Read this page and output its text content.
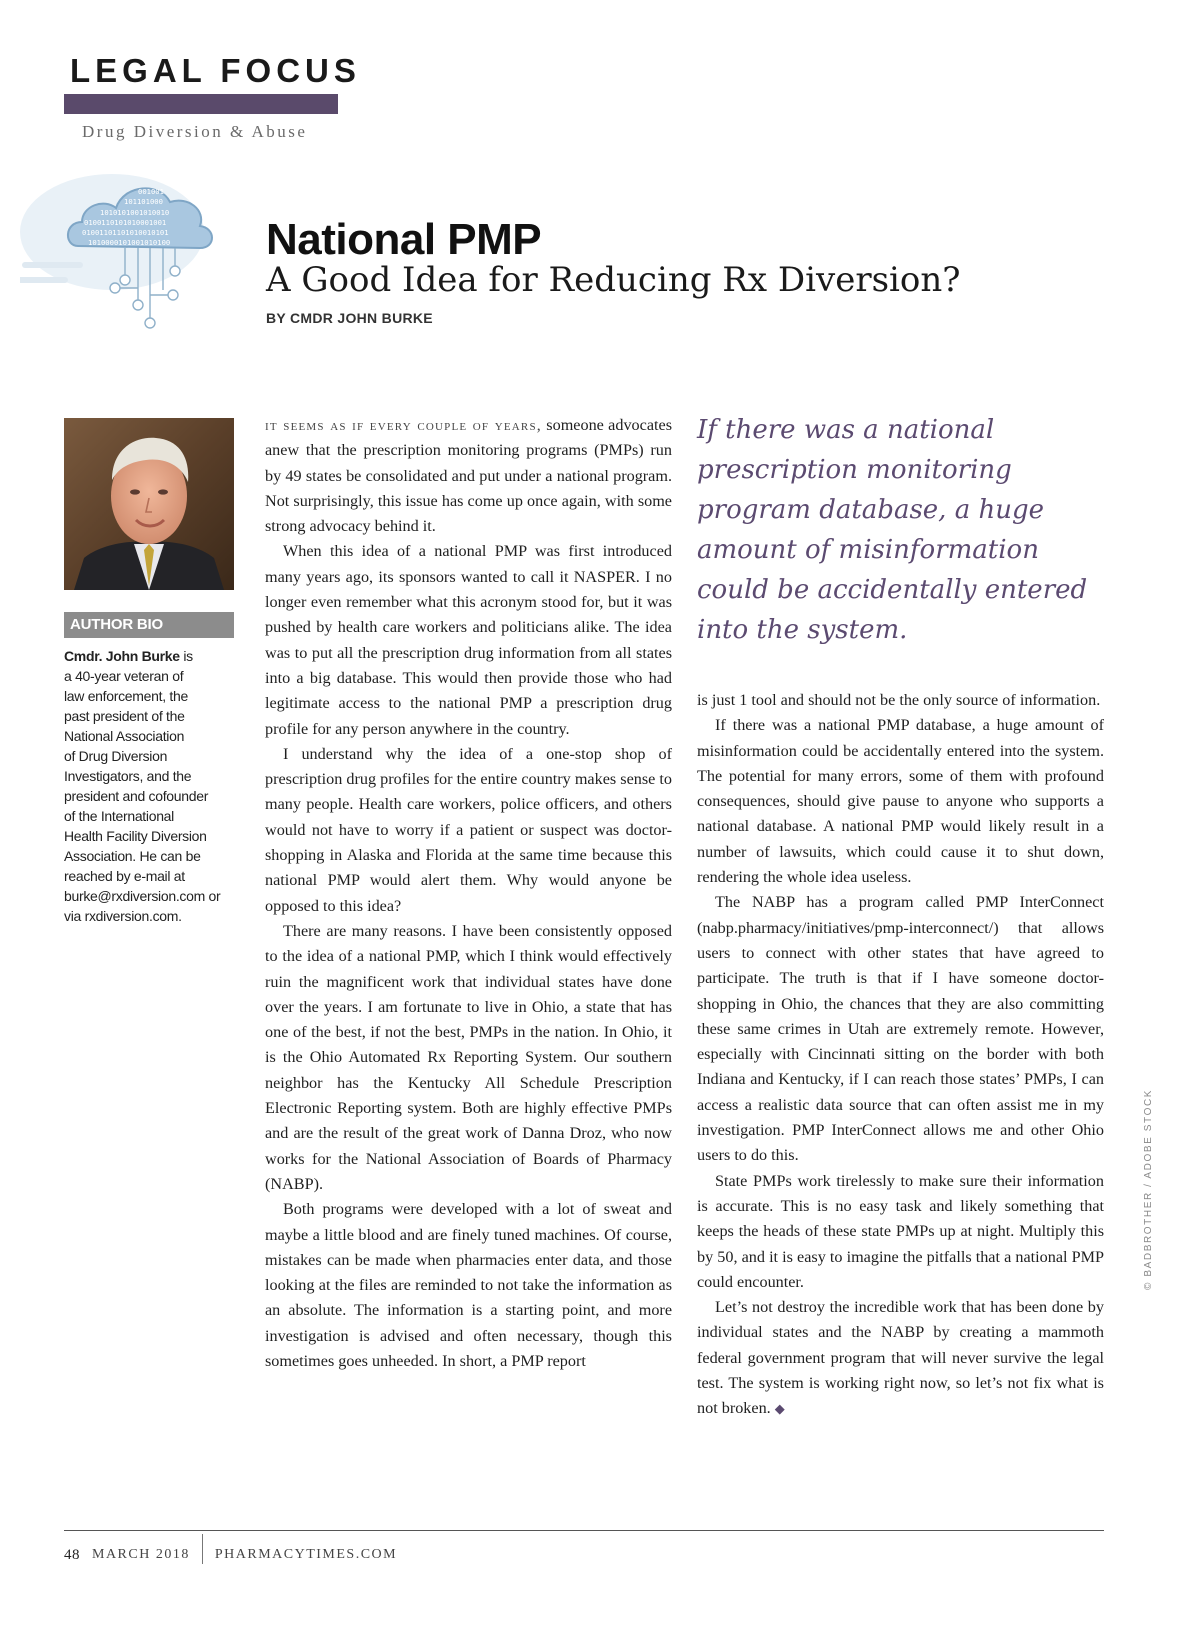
LEGAL FOCUS
Drug Diversion & Abuse
001001
101101000
1010101001010010
0100110101010001001
01001101101010010101
1010000101001010100 National PMP
A Good Idea for Reducing Rx Diversion?
BY CMDR JOHN BURKE
AUTHOR BIO
Cmdr. John Burke is
a 40-year veteran of
law enforcement, the
past president of the
National Association
of Drug Diversion
Investigators, and the
president and cofounder
of the International
Health Facility Diversion
Association. He can be
reached by e-mail at
burke@rxdiversion.com or
via rxdiversion.com.

it seems as if every couple of years, someone advocates anew that the prescription monitoring programs (PMPs) run by 49 states be consolidated and put under a national program. Not surprisingly, this issue has come up once again, with some strong advocacy behind it.

When this idea of a national PMP was first introduced many years ago, its sponsors wanted to call it NASPER. I no longer even remember what this acronym stood for, but it was pushed by health care workers and politicians alike. The idea was to put all the prescription drug information from all states into a big database. This would then provide those who had legitimate access to the national PMP a prescription drug profile for any person anywhere in the country.

I understand why the idea of a one-stop shop of prescription drug profiles for the entire country makes sense to many people. Health care workers, police officers, and others would not have to worry if a patient or suspect was doctor-shopping in Alaska and Florida at the same time because this national PMP would alert them. Why would anyone be opposed to this idea?

There are many reasons. I have been consistently opposed to the idea of a national PMP, which I think would effectively ruin the magnificent work that individual states have done over the years. I am fortunate to live in Ohio, a state that has one of the best, if not the best, PMPs in the nation. In Ohio, it is the Ohio Automated Rx Reporting System. Our southern neighbor has the Kentucky All Schedule Prescription Electronic Reporting system. Both are highly effective PMPs and are the result of the great work of Danna Droz, who now works for the National Association of Boards of Pharmacy (NABP).

Both programs were developed with a lot of sweat and maybe a little blood and are finely tuned machines. Of course, mistakes can be made when pharmacies enter data, and those looking at the files are reminded to not take the information as an absolute. The information is a starting point, and more investigation is advised and often necessary, though this sometimes goes unheeded. In short, a PMP report

If there was a national prescription monitoring program database, a huge amount of misinformation could be accidentally entered into the system.

is just 1 tool and should not be the only source of information.

If there was a national PMP database, a huge amount of misinformation could be accidentally entered into the system. The potential for many errors, some of them with profound consequences, should give pause to anyone who supports a national database. A national PMP would likely result in a number of lawsuits, which could cause it to shut down, rendering the whole idea useless.

The NABP has a program called PMP InterConnect (nabp.pharmacy/initiatives/pmp-interconnect/) that allows users to connect with other states that have agreed to participate. The truth is that if I have someone doctor-shopping in Ohio, the chances that they are also committing these same crimes in Utah are extremely remote. However, especially with Cincinnati sitting on the border with both Indiana and Kentucky, if I can reach those states’ PMPs, I can access a realistic data source that can often assist me in my investigation. PMP InterConnect allows me and other Ohio users to do this.

State PMPs work tirelessly to make sure their information is accurate. This is no easy task and likely something that keeps the heads of these state PMPs up at night. Multiply this by 50, and it is easy to imagine the pitfalls that a national PMP could encounter.

Let’s not destroy the incredible work that has been done by individual states and the NABP by creating a mammoth federal government program that will never survive the legal test. The system is working right now, so let’s not fix what is not broken. ◆

© BADBROTHER / ADOBE STOCK
48 MARCH 2018 PHARMACYTIMES.COM
